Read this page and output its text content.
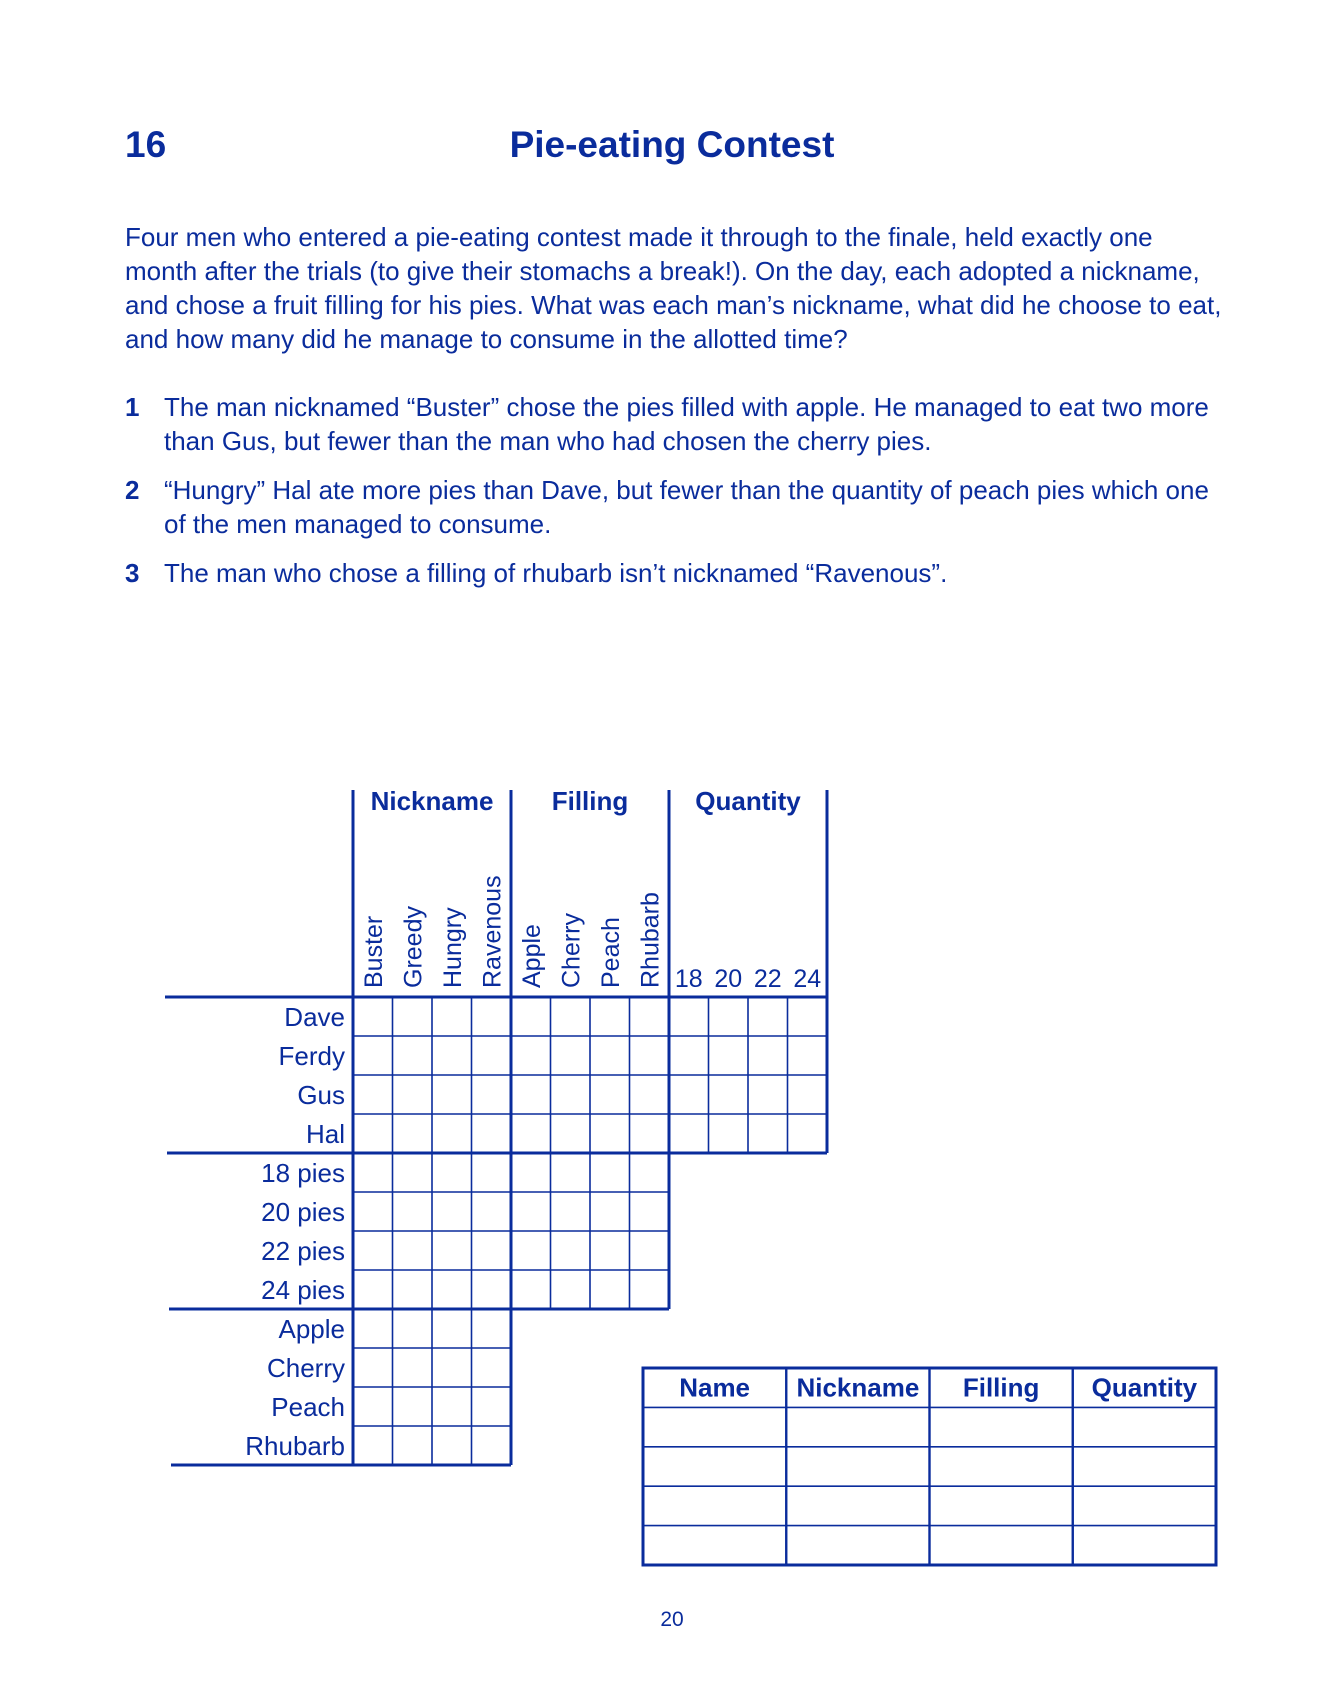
16	Pie-eating Contest
Four men who entered a pie-eating contest made it through to the finale, held exactly one month after the trials (to give their stomachs a break!). On the day, each adopted a nickname, and chose a fruit filling for his pies. What was each man’s nickname, what did he choose to eat, and how many did he manage to consume in the allotted time?
1 The man nicknamed “Buster” chose the pies filled with apple. He managed to eat two more than Gus, but fewer than the man who had chosen the cherry pies.
2 “Hungry” Hal ate more pies than Dave, but fewer than the quantity of peach pies which one of the men managed to consume.
3 The man who chose a filling of rhubarb isn’t nicknamed “Ravenous”.
Nickname Filling	Quantity
Buster Greedy Hungry Ravenous Apple Cherry Peach Rhubarb 18 20 22 24
Dave
Ferdy
Gus
Hal
18 pies
20 pies
22 pies
24 pies
Apple
Cherry
Peach
Rhubarb
Name Nickname Filling Quantity
20
